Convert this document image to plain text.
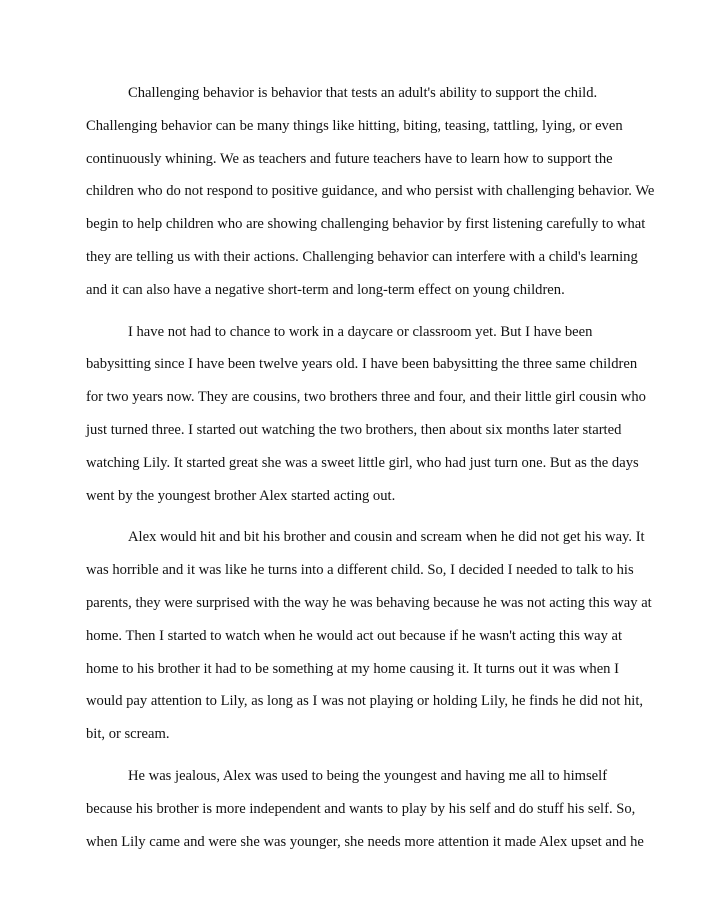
Challenging behavior is behavior that tests an adult's ability to support the child.
Challenging behavior can be many things like hitting, biting, teasing, tattling, lying, or even
continuously whining. We as teachers and future teachers have to learn how to support the
children who do not respond to positive guidance, and who persist with challenging behavior. We
begin to help children who are showing challenging behavior by first listening carefully to what
they are telling us with their actions. Challenging behavior can interfere with a child's learning
and it can also have a negative short-term and long-term effect on young children.
I have not had to chance to work in a daycare or classroom yet. But I have been
babysitting since I have been twelve years old. I have been babysitting the three same children
for two years now. They are cousins, two brothers three and four, and their little girl cousin who
just turned three. I started out watching the two brothers, then about six months later started
watching Lily. It started great she was a sweet little girl, who had just turn one. But as the days
went by the youngest brother Alex started acting out.
Alex would hit and bit his brother and cousin and scream when he did not get his way. It
was horrible and it was like he turns into a different child. So, I decided I needed to talk to his
parents, they were surprised with the way he was behaving because he was not acting this way at
home. Then I started to watch when he would act out because if he wasn't acting this way at
home to his brother it had to be something at my home causing it. It turns out it was when I
would pay attention to Lily, as long as I was not playing or holding Lily, he finds he did not hit,
bit, or scream.
He was jealous, Alex was used to being the youngest and having me all to himself
because his brother is more independent and wants to play by his self and do stuff his self. So,
when Lily came and were she was younger, she needs more attention it made Alex upset and he
